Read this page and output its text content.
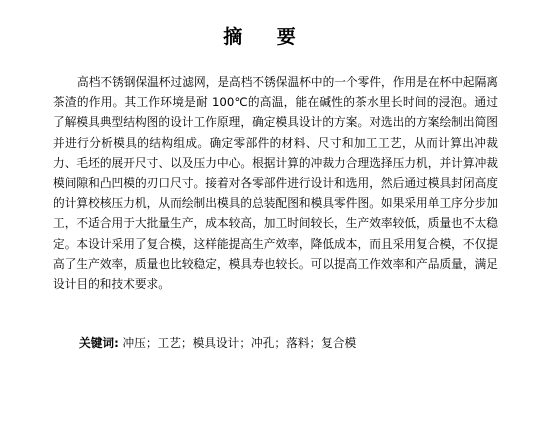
摘 要

高档不锈钢保温杯过滤网，是高档不锈保温杯中的一个零件，作用是在杯中起隔离茶渣的作用。其工作环境是耐 100℃的高温，能在碱性的茶水里长时间的浸泡。通过了解模具典型结构图的设计工作原理，确定模具设计的方案。对选出的方案绘制出简图并进行分析模具的结构组成。确定零部件的材料、尺寸和加工工艺，从而计算出冲裁力、毛坯的展开尺寸、以及压力中心。根据计算的冲裁力合理选择压力机，并计算冲裁模间隙和凸凹模的刃口尺寸。接着对各零部件进行设计和选用，然后通过模具封闭高度的计算校核压力机，从而绘制出模具的总装配图和模具零件图。如果采用单工序分步加工，不适合用于大批量生产，成本较高，加工时间较长，生产效率较低，质量也不太稳定。本设计采用了复合模，这样能提高生产效率，降低成本，而且采用复合模，不仅提高了生产效率，质量也比较稳定，模具寿也较长。可以提高工作效率和产品质量，满足设计目的和技术要求。

关键词: 冲压；工艺；模具设计；冲孔；落料；复合模
